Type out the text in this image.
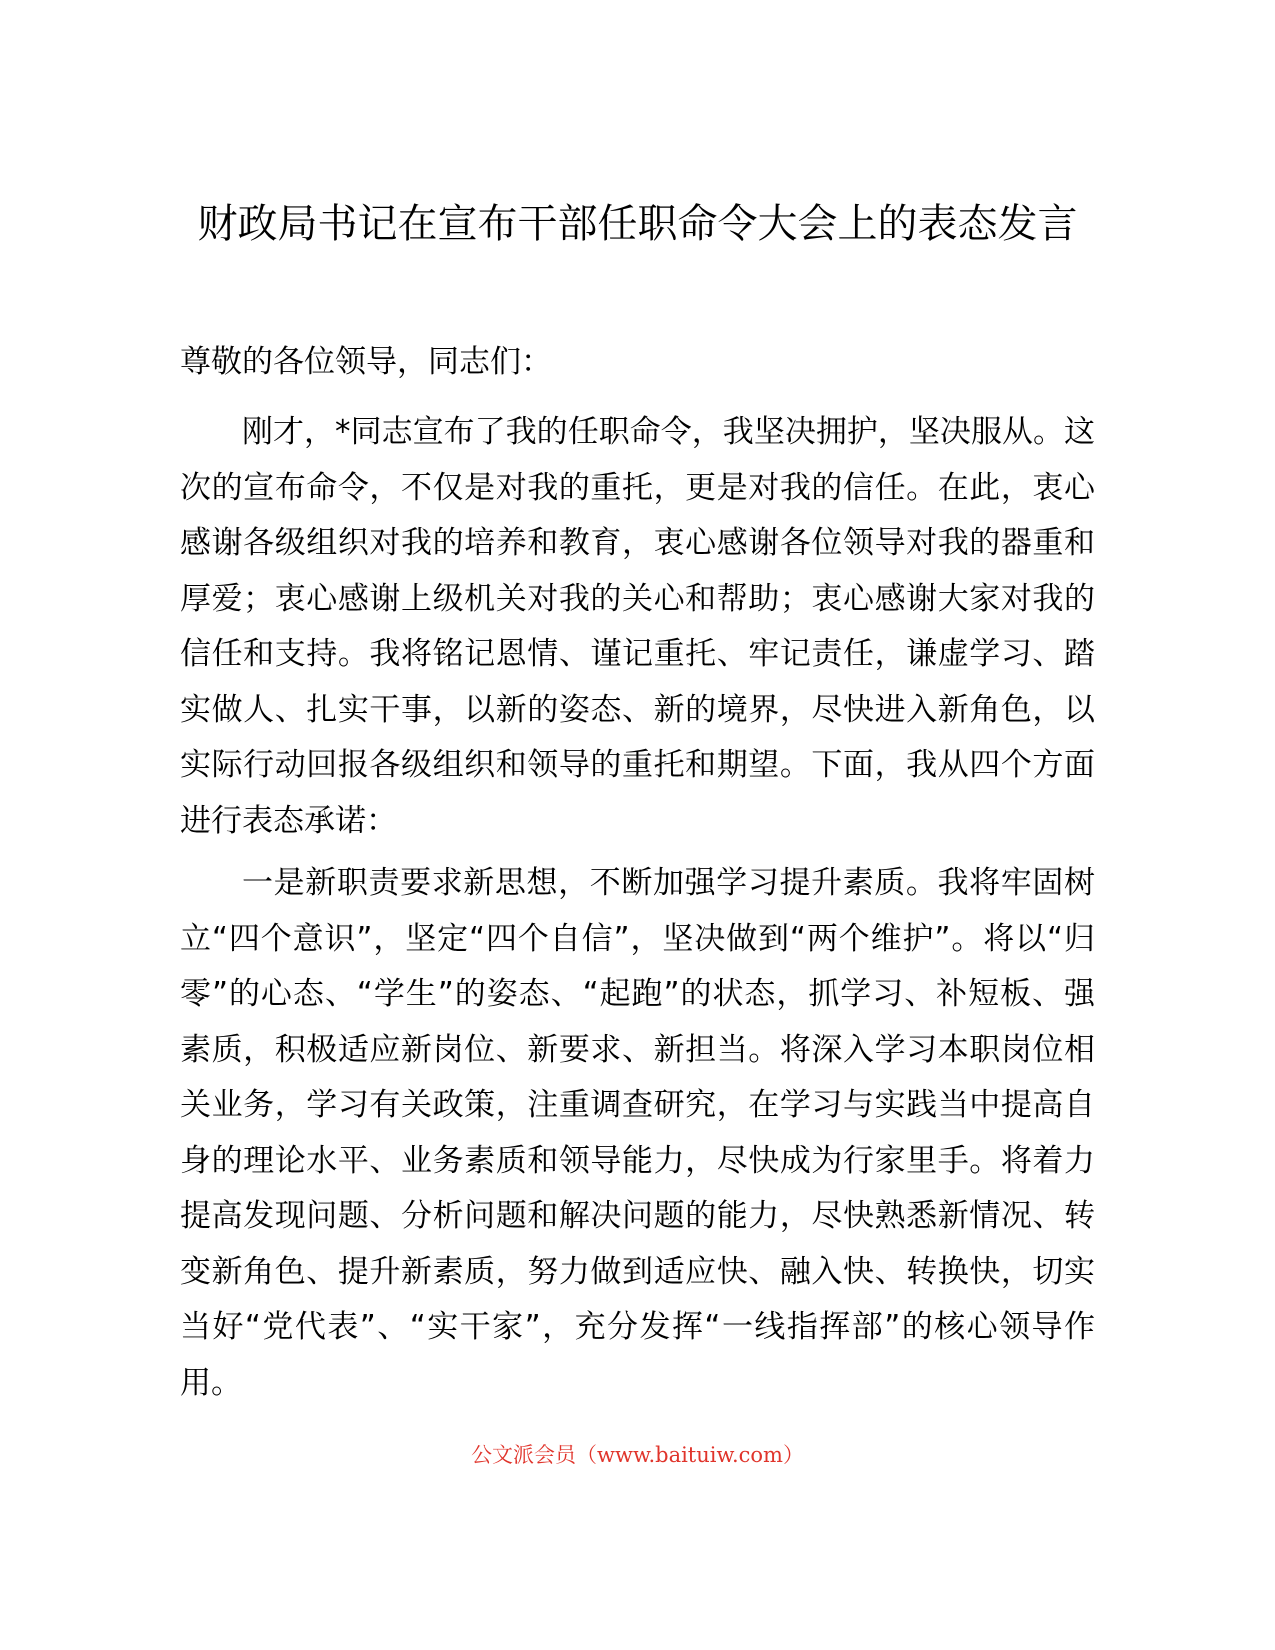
财政局书记在宣布干部任职命令大会上的表态发言

尊敬的各位领导，同志们：

刚才，*同志宣布了我的任职命令，我坚决拥护，坚决服从。这次的宣布命令，不仅是对我的重托，更是对我的信任。在此，衷心感谢各级组织对我的培养和教育，衷心感谢各位领导对我的器重和厚爱；衷心感谢上级机关对我的关心和帮助；衷心感谢大家对我的信任和支持。我将铭记恩情、谨记重托、牢记责任，谦虚学习、踏实做人、扎实干事，以新的姿态、新的境界，尽快进入新角色，以实际行动回报各级组织和领导的重托和期望。下面，我从四个方面进行表态承诺：

一是新职责要求新思想，不断加强学习提升素质。我将牢固树立“四个意识”，坚定“四个自信”，坚决做到“两个维护”。将以“归零”的心态、“学生”的姿态、“起跑”的状态，抓学习、补短板、强素质，积极适应新岗位、新要求、新担当。将深入学习本职岗位相关业务，学习有关政策，注重调查研究，在学习与实践当中提高自身的理论水平、业务素质和领导能力，尽快成为行家里手。将着力提高发现问题、分析问题和解决问题的能力，尽快熟悉新情况、转变新角色、提升新素质，努力做到适应快、融入快、转换快，切实当好“党代表”、“实干家”，充分发挥“一线指挥部”的核心领导作用。

公文派会员（www.baituiw.com）
